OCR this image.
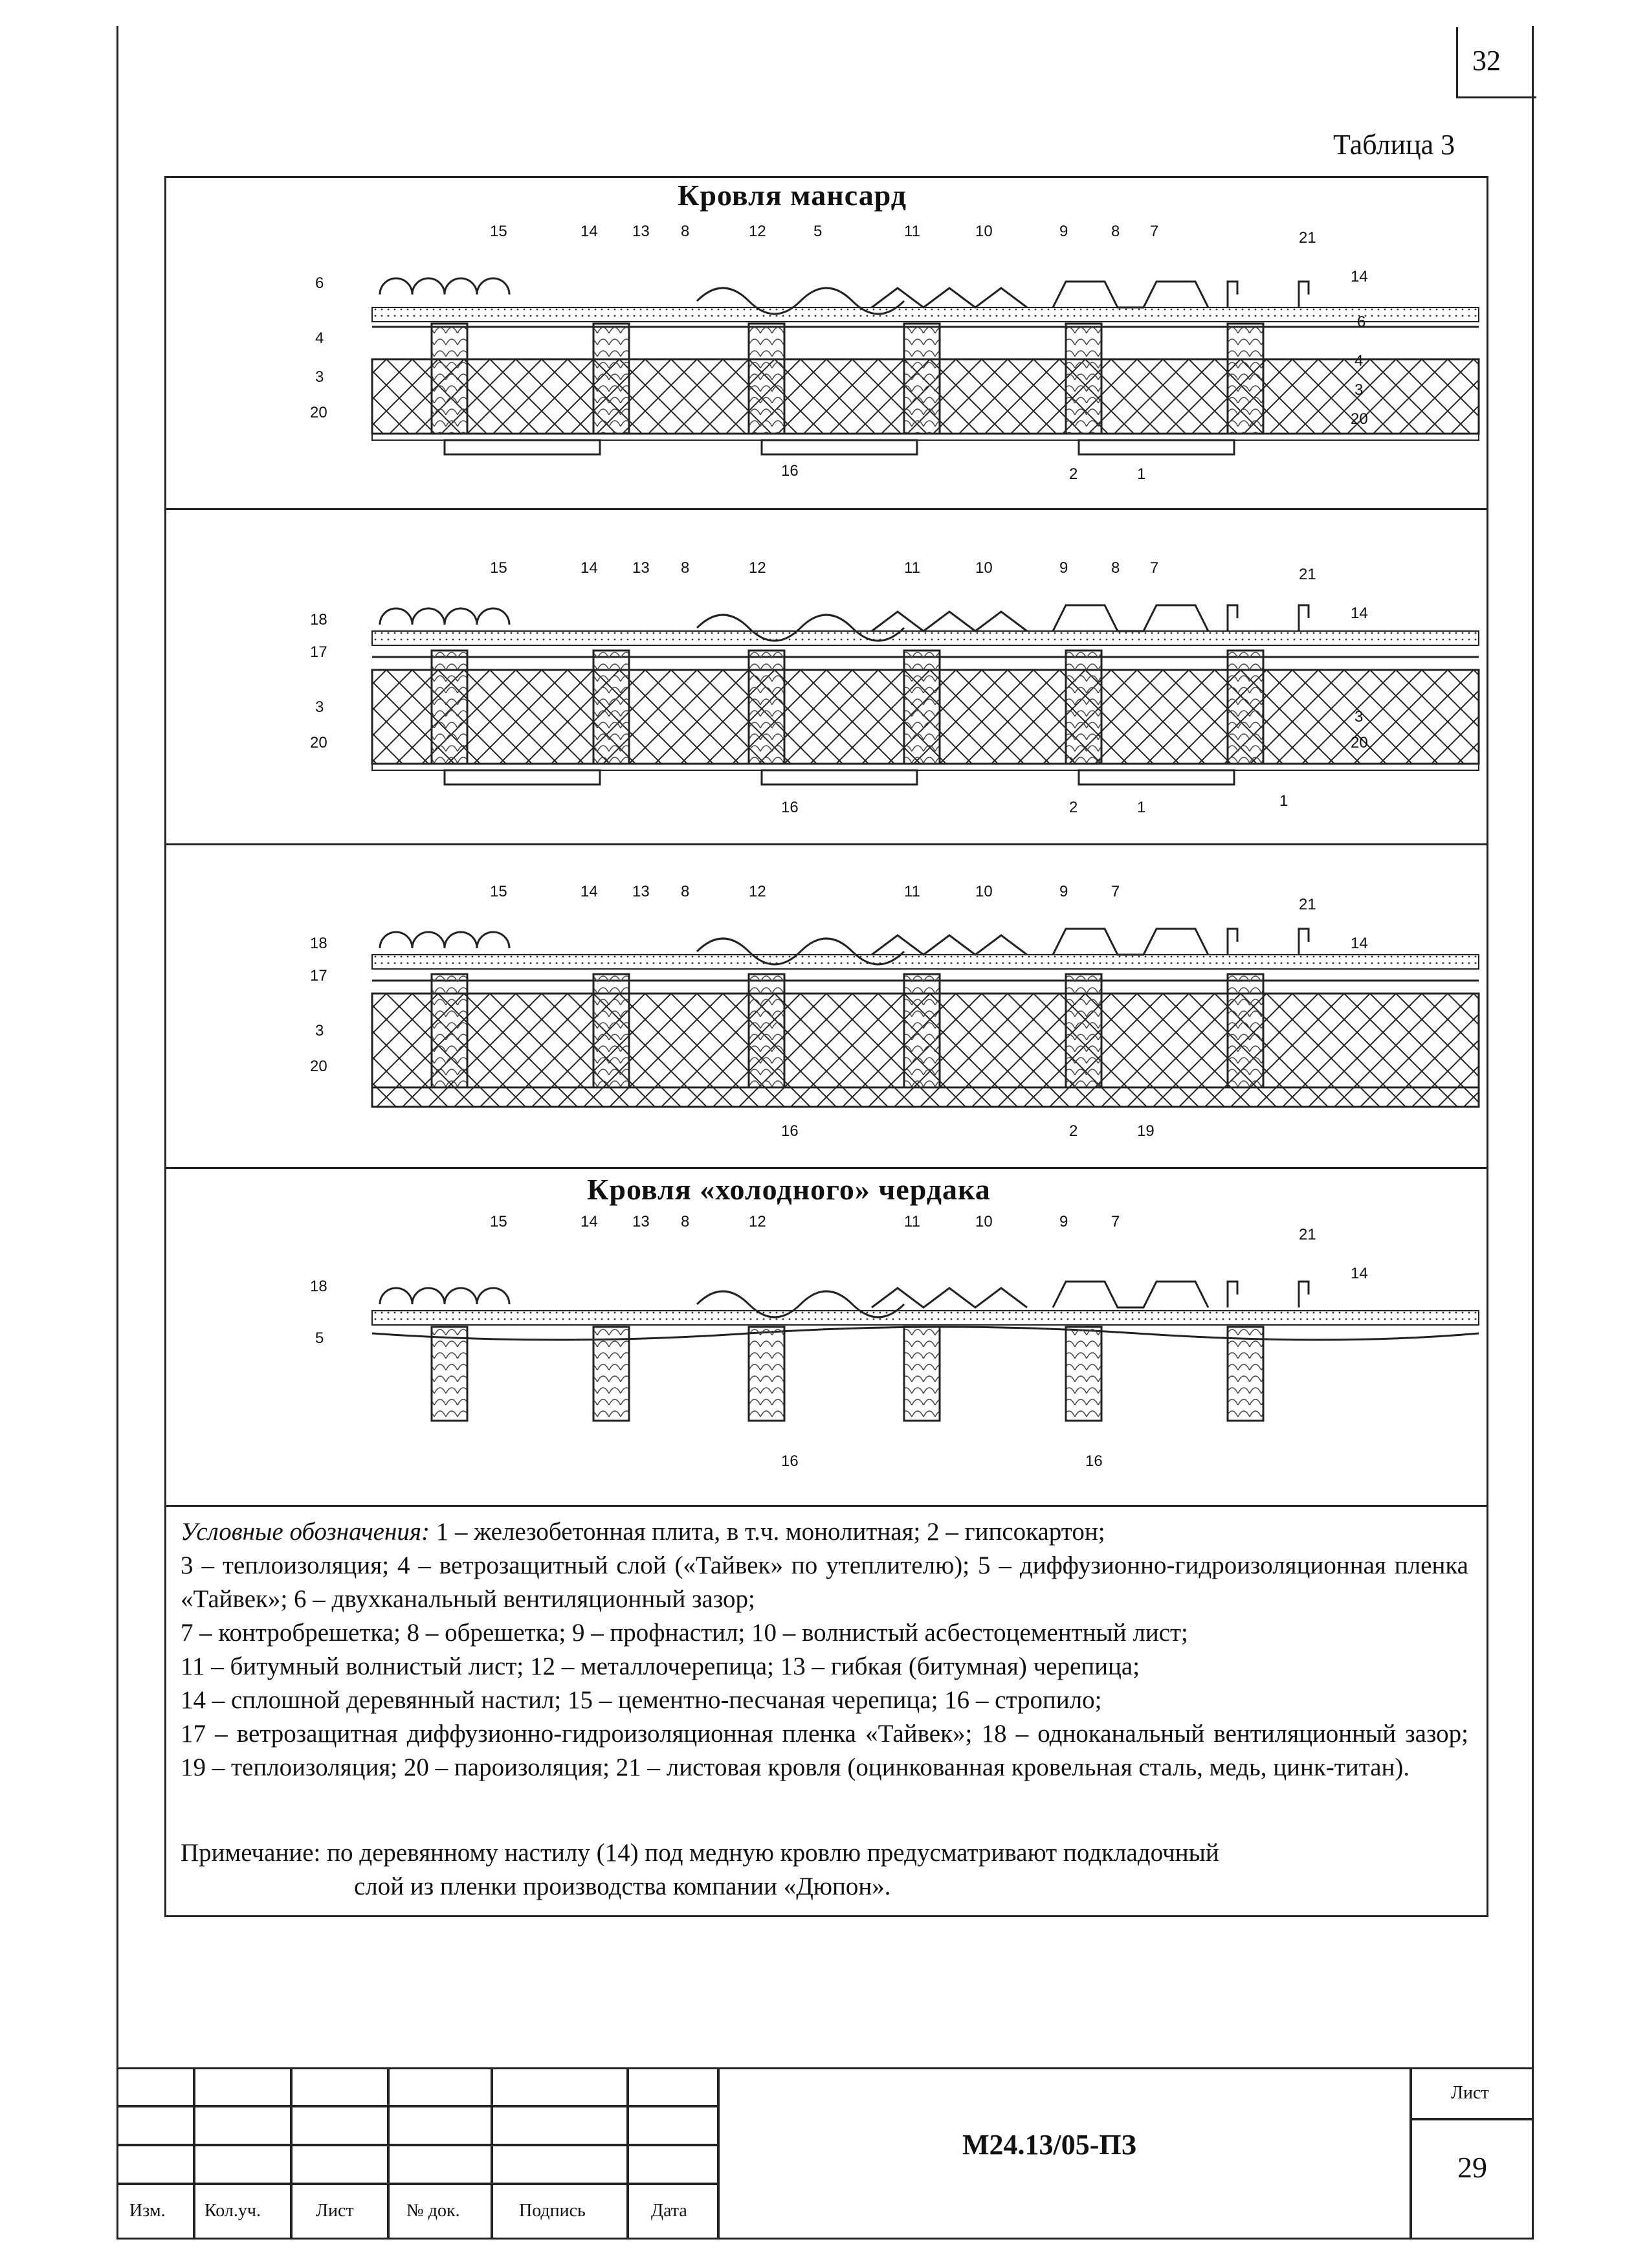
32
Таблица 3
Кровля мансард
Кровля «холодного» чердака
15	14 13 8	12	5	11	10	9	8 7	21
14
6
4
3
20
6
4
3
20
16	2	1
15	14 13 8	12	11	10	9	8 7	21
14
18
17
3
20
3
20
16	2	1	1
15	14 13 8	12	11	10	9	7
21
14
18
17
3
20
16	2	19
15	14 13 8	12	11	10	9	7
21
14
18
5
16	16

Условные обозначения: 1 – железобетонная плита, в т.ч. монолитная; 2 – гипсокартон;

3 – теплоизоляция; 4 – ветрозащитный слой («Тайвек» по утеплителю); 5 – диффузионно-гидроизоляционная пленка «Тайвек»; 6 – двухканальный вентиляционный зазор;

7 – контробрешетка; 8 – обрешетка; 9 – профнастил; 10 – волнистый асбестоцементный лист;

11 – битумный волнистый лист; 12 – металлочерепица; 13 – гибкая (битумная) черепица;

14 – сплошной деревянный настил; 15 – цементно-песчаная черепица; 16 – стропило;

17 – ветрозащитная диффузионно-гидроизоляционная пленка «Тайвек»; 18 – одноканальный вентиляционный зазор; 19 – теплоизоляция; 20 – пароизоляция; 21 – листовая кровля (оцинкованная кровельная сталь, медь, цинк-титан).

Примечание: по деревянному настилу (14) под медную кровлю предусматривают подкладочный

слой из пленки производства компании «Дюпон».

Изм. Кол.уч.	Лист	№ док.	Подпись	Дата
М24.13/05-ПЗ
Лист
29
